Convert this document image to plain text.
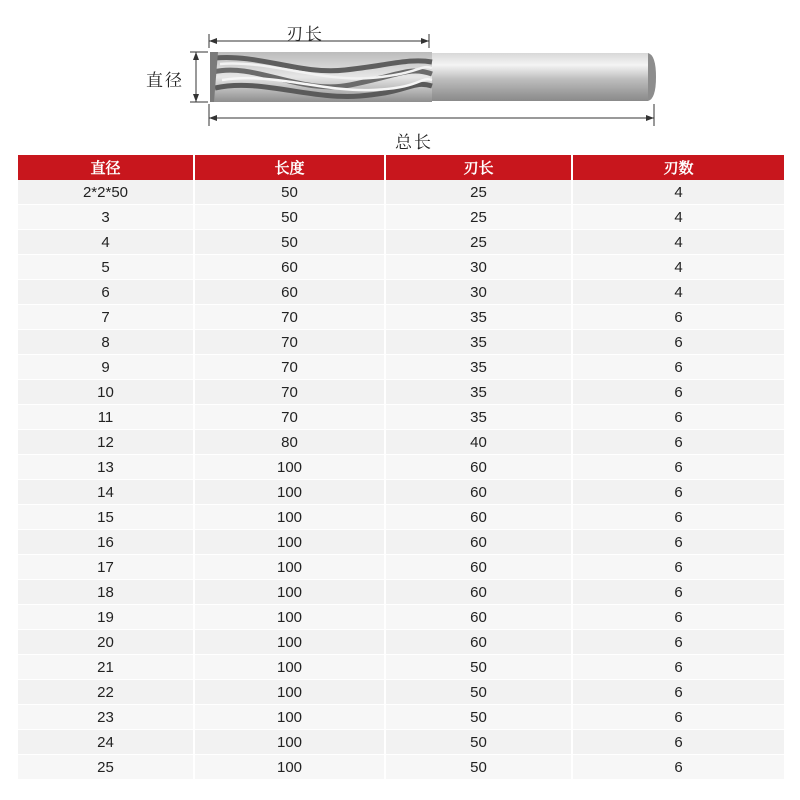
刃长
直径
总长
直径	长度	刃长	刃数
2*2*50	50	25	4
3	50	25	4
4	50	25	4
5	60	30	4
6	60	30	4
7	70	35	6
8	70	35	6
9	70	35	6
10	70	35	6
11	70	35	6
12	80	40	6
13	100	60	6
14	100	60	6
15	100	60	6
16	100	60	6
17	100	60	6
18	100	60	6
19	100	60	6
20	100	60	6
21	100	50	6
22	100	50	6
23	100	50	6
24	100	50	6
25	100	50	6
